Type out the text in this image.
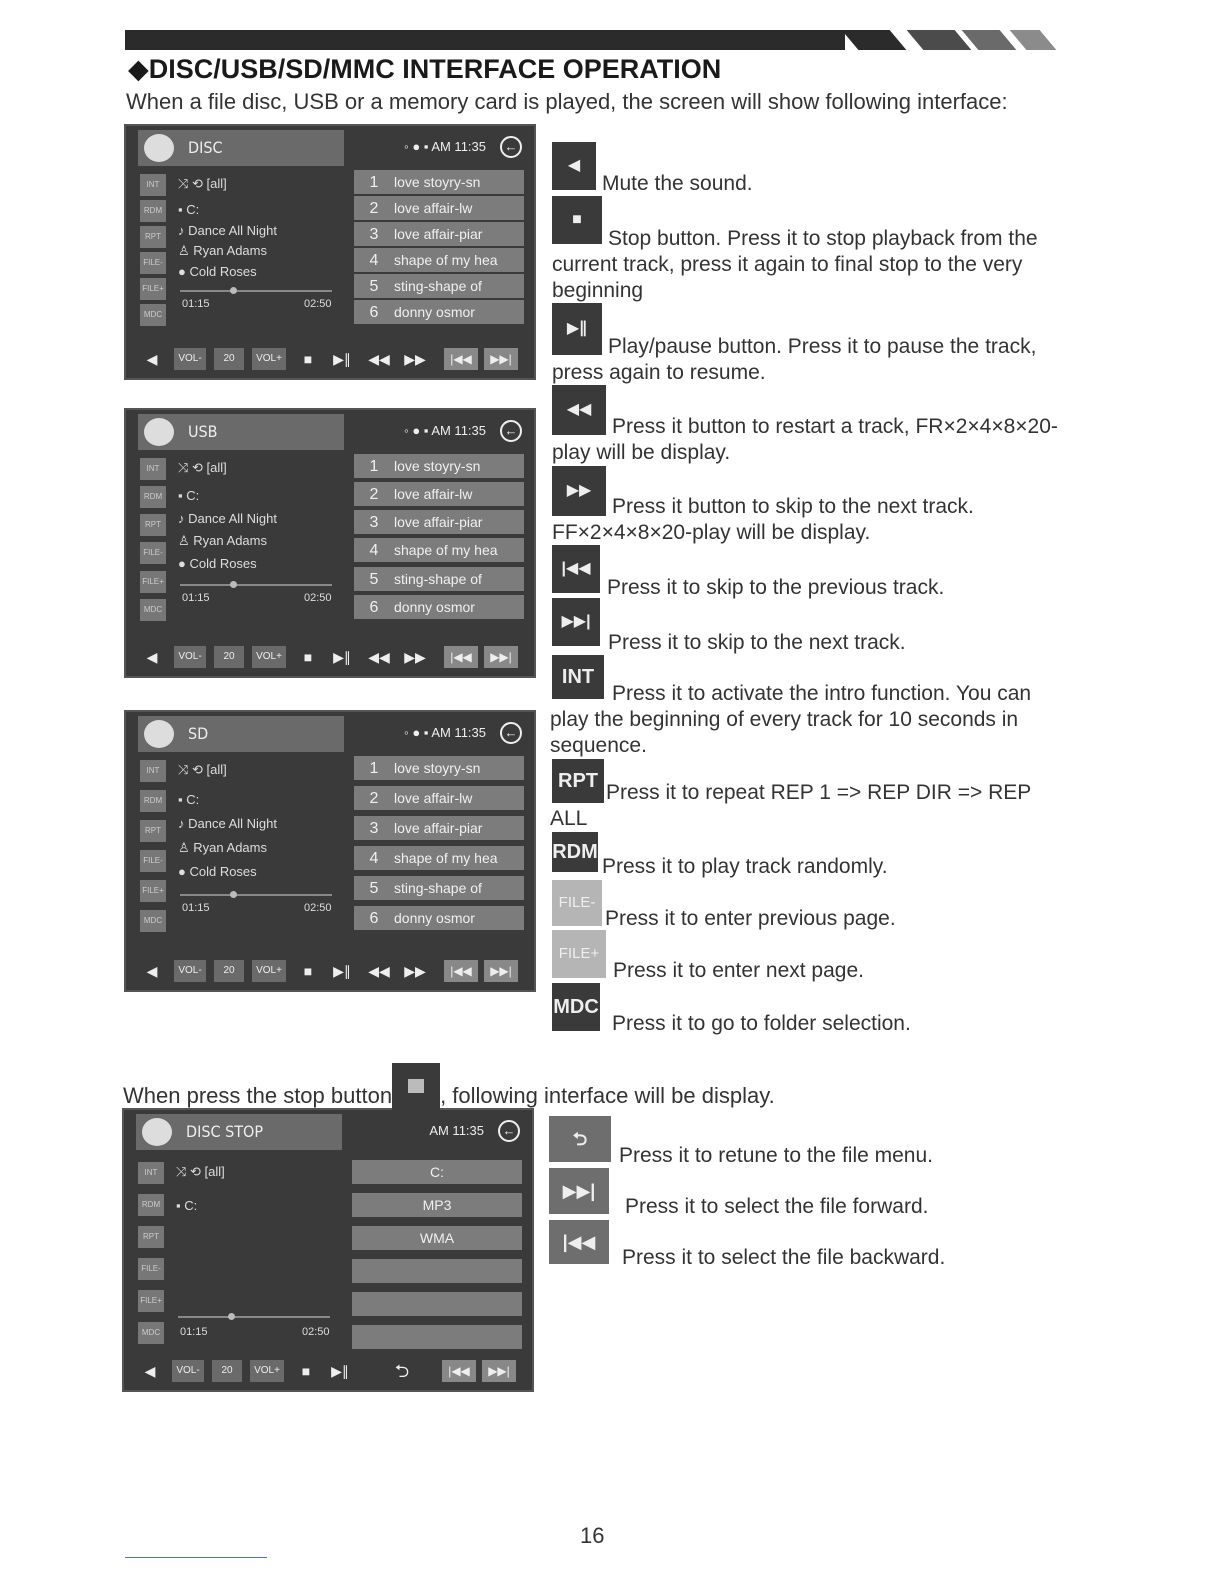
◆DISC/USB/SD/MMC INTERFACE OPERATION
When a file disc, USB or a memory card is played, the screen will show following interface:
DISC	◦ ● ▪ AM 11:35 ←
INT
RDM
RPT
FILE-
FILE+
MDC
⤨ ⟲ [all]
▪ C:
♪ Dance All Night
♙ Ryan Adams
● Cold Roses
01:15	02:50
1 love stoyry-sn
2 love affair-lw
3 love affair-piar
4 shape of my hea
5 sting-shape of
6 donny osmor
◀	VOL-	20	VOL+	■	▶∥	◀◀	▶▶	|◀◀	▶▶|
USB	◦ ● ▪ AM 11:35 ←
INT
RDM
RPT
FILE-
FILE+
MDC
⤨ ⟲ [all]
▪ C:
♪ Dance All Night
♙ Ryan Adams
● Cold Roses
01:15	02:50
1 love stoyry-sn
2 love affair-lw
3 love affair-piar
4 shape of my hea
5 sting-shape of
6 donny osmor
◀	VOL-	20	VOL+	■	▶∥	◀◀	▶▶	|◀◀	▶▶|
SD	◦ ● ▪ AM 11:35 ←
INT
RDM
RPT
FILE-
FILE+
MDC
⤨ ⟲ [all]
▪ C:
♪ Dance All Night
♙ Ryan Adams
● Cold Roses
01:15	02:50
1 love stoyry-sn
2 love affair-lw
3 love affair-piar
4 shape of my hea
5 sting-shape of
6 donny osmor
◀	VOL-	20	VOL+	■	▶∥	◀◀	▶▶	|◀◀	▶▶|
DISC STOP	AM 11:35 ←
INT
RDM
RPT
FILE-
FILE+
MDC
⤨ ⟲ [all]
▪ C:
01:15	02:50
C:
MP3
WMA
◀	VOL-	20	VOL+	■	▶∥	⮌	|◀◀	▶▶|
◀
Mute the sound.
■
Stop button. Press it to stop playback from the current track, press it again to final stop to the very beginning
▶∥
Play/pause button. Press it to pause the track, press again to resume.
◀◀
Press it button to restart a track, FR×2×4×8×20-play will be display.
▶▶
Press it button to skip to the next track. FF×2×4×8×20-play will be display.
|◀◀
Press it to skip to the previous track.
▶▶|
Press it to skip to the next track.
INT
Press it to activate the intro function. You can play the beginning of every track for 10 seconds in sequence.
RPT Press it to repeat REP 1 => REP DIR => REP ALL
RDM
Press it to play track randomly.
FILE-
Press it to enter previous page.
FILE+
Press it to enter next page.
MDC
Press it to go to folder selection.
⮌
Press it to retune to the file menu.
▶▶|
Press it to select the file forward.
|◀◀
Press it to select the file backward.
When press the stop button , following interface will be display.
16
